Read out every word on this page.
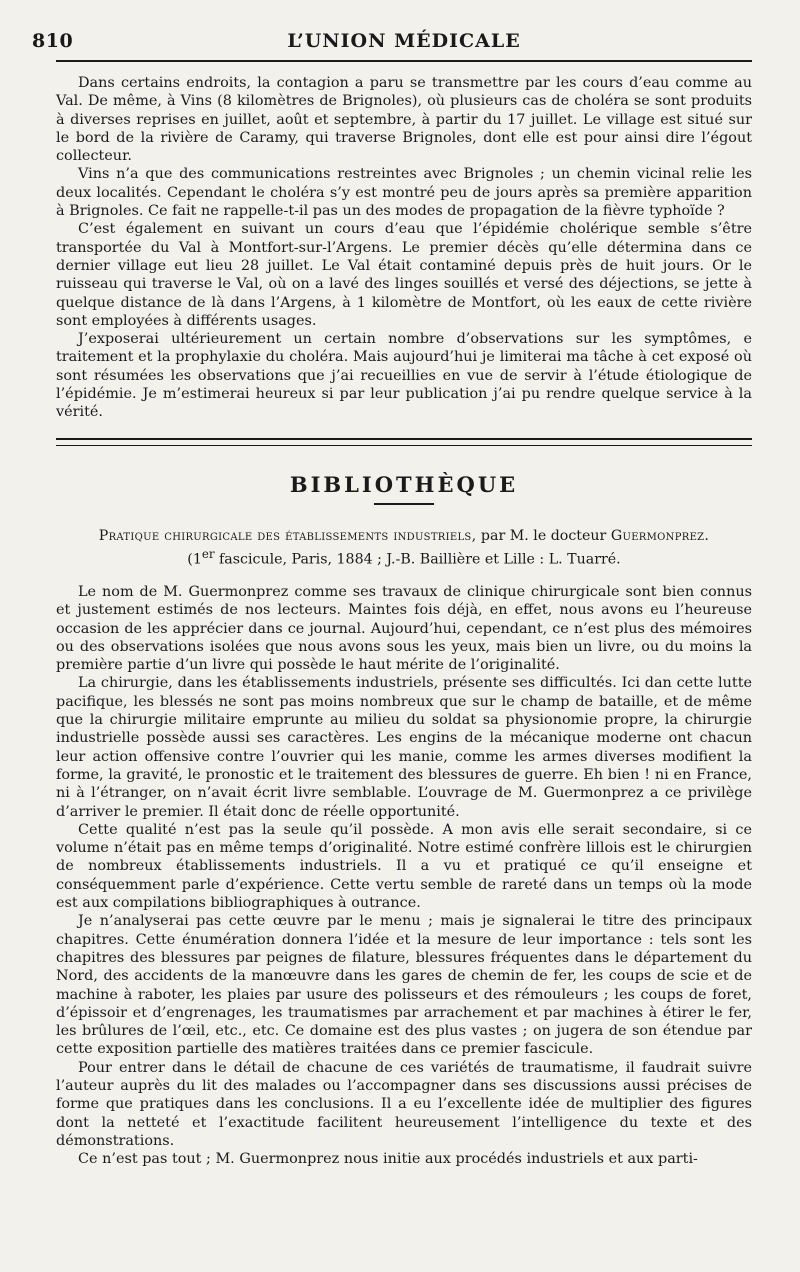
810	L’UNION MÉDICALE

Dans certains endroits, la contagion a paru se transmettre par les cours d’eau comme au Val. De même, à Vins (8 kilomètres de Brignoles), où plusieurs cas de choléra se sont produits à diverses reprises en juillet, août et septembre, à partir du 17 juillet. Le village est situé sur le bord de la rivière de Caramy, qui traverse Brignoles, dont elle est pour ainsi dire l’égout collecteur.

Vins n’a que des communications restreintes avec Brignoles ; un chemin vicinal relie les deux localités. Cependant le choléra s’y est montré peu de jours après sa première apparition à Brignoles. Ce fait ne rappelle-t-il pas un des modes de propagation de la fièvre typhoïde ?

C’est également en suivant un cours d’eau que l’épidémie cholérique semble s’être transportée du Val à Montfort-sur-l’Argens. Le premier décès qu’elle détermina dans ce dernier village eut lieu 28 juillet. Le Val était contaminé depuis près de huit jours. Or le ruisseau qui traverse le Val, où on a lavé des linges souillés et versé des déjections, se jette à quelque distance de là dans l’Argens, à 1 kilomètre de Montfort, où les eaux de cette rivière sont employées à différents usages.

J’exposerai ultérieurement un certain nombre d’observations sur les symptômes, e traitement et la prophylaxie du choléra. Mais aujourd’hui je limiterai ma tâche à cet exposé où sont résumées les observations que j’ai recueillies en vue de servir à l’étude étiologique de l’épidémie. Je m’estimerai heureux si par leur publication j’ai pu rendre quelque service à la vérité.

BIBLIOTHÈQUE
Pratique chirurgicale des établissements industriels, par M. le docteur Guermonprez.
(1er fascicule, Paris, 1884 ; J.-B. Baillière et Lille : L. Tuarré.

Le nom de M. Guermonprez comme ses travaux de clinique chirurgicale sont bien connus et justement estimés de nos lecteurs. Maintes fois déjà, en effet, nous avons eu l’heureuse occasion de les apprécier dans ce journal. Aujourd’hui, cependant, ce n’est plus des mémoires ou des observations isolées que nous avons sous les yeux, mais bien un livre, ou du moins la première partie d’un livre qui possède le haut mérite de l’originalité.

La chirurgie, dans les établissements industriels, présente ses difficultés. Ici dan cette lutte pacifique, les blessés ne sont pas moins nombreux que sur le champ de bataille, et de même que la chirurgie militaire emprunte au milieu du soldat sa physionomie propre, la chirurgie industrielle possède aussi ses caractères. Les engins de la mécanique moderne ont chacun leur action offensive contre l’ouvrier qui les manie, comme les armes diverses modifient la forme, la gravité, le pronostic et le traitement des blessures de guerre. Eh bien ! ni en France, ni à l’étranger, on n’avait écrit livre semblable. L’ouvrage de M. Guermonprez a ce privilège d’arriver le premier. Il était donc de réelle opportunité.

Cette qualité n’est pas la seule qu’il possède. A mon avis elle serait secondaire, si ce volume n’était pas en même temps d’originalité. Notre estimé confrère lillois est le chirurgien de nombreux établissements industriels. Il a vu et pratiqué ce qu’il enseigne et conséquemment parle d’expérience. Cette vertu semble de rareté dans un temps où la mode est aux compilations bibliographiques à outrance.

Je n’analyserai pas cette œuvre par le menu ; mais je signalerai le titre des principaux chapitres. Cette énumération donnera l’idée et la mesure de leur importance : tels sont les chapitres des blessures par peignes de filature, blessures fréquentes dans le département du Nord, des accidents de la manœuvre dans les gares de chemin de fer, les coups de scie et de machine à raboter, les plaies par usure des polisseurs et des rémouleurs ; les coups de foret, d’épissoir et d’engrenages, les traumatismes par arrachement et par machines à étirer le fer, les brûlures de l’œil, etc., etc. Ce domaine est des plus vastes ; on jugera de son étendue par cette exposition partielle des matières traitées dans ce premier fascicule.

Pour entrer dans le détail de chacune de ces variétés de traumatisme, il faudrait suivre l’auteur auprès du lit des malades ou l’accompagner dans ses discussions aussi précises de forme que pratiques dans les conclusions. Il a eu l’excellente idée de multiplier des figures dont la netteté et l’exactitude facilitent heureusement l’intelligence du texte et des démonstrations.

Ce n’est pas tout ; M. Guermonprez nous initie aux procédés industriels et aux parti-
